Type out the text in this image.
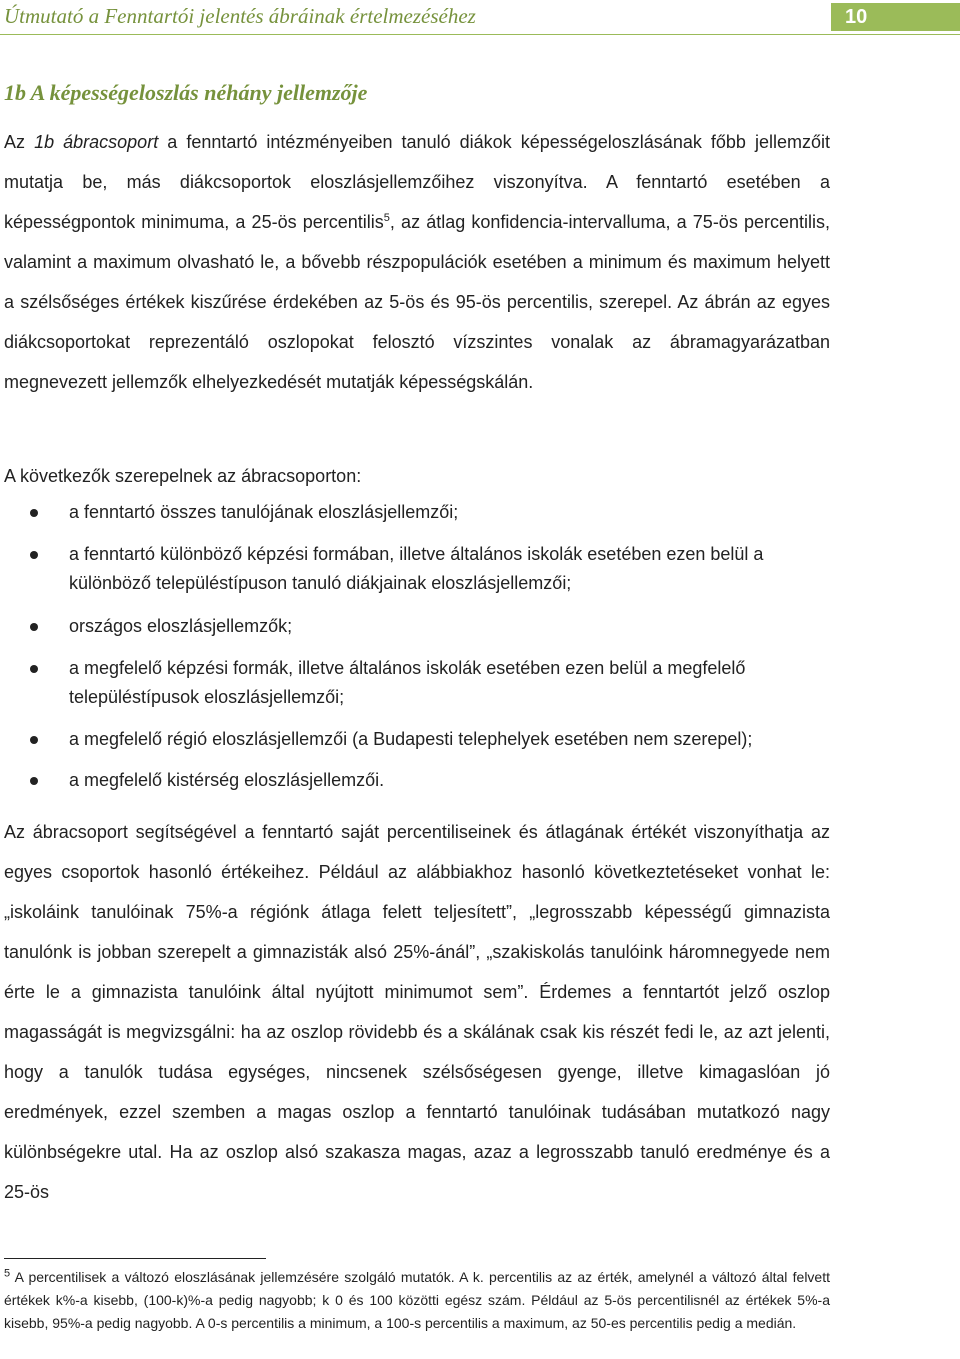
Útmutató a Fenntartói jelentés ábráinak értelmezéséhez	10
1b A képességeloszlás néhány jellemzője

Az 1b ábracsoport a fenntartó intézményeiben tanuló diákok képességeloszlásának főbb jellemzőit mutatja be, más diákcsoportok eloszlásjellemzőihez viszonyítva. A fenntartó esetében a képességpontok minimuma, a 25-ös percentilis$^5$, az átlag konfidencia-intervalluma, a 75-ös percentilis, valamint a maximum olvasható le, a bővebb részpopulációk esetében a minimum és maximum helyett a szélsőséges értékek kiszűrése érdekében az 5-ös és 95-ös percentilis, szerepel. Az ábrán az egyes diákcsoportokat reprezentáló oszlopokat felosztó vízszintes vonalak az ábramagyarázatban megnevezett jellemzők elhelyezkedését mutatják képességskálán.

A következők szerepelnek az ábracsoporton:

a fenntartó összes tanulójának eloszlásjellemzői;
a fenntartó különböző képzési formában, illetve általános iskolák esetében ezen belül a különböző településtípuson tanuló diákjainak eloszlásjellemzői;
országos eloszlásjellemzők;
a megfelelő képzési formák, illetve általános iskolák esetében ezen belül a megfelelő településtípusok eloszlásjellemzői;
a megfelelő régió eloszlásjellemzői (a Budapesti telephelyek esetében nem szerepel);
a megfelelő kistérség eloszlásjellemzői.

Az ábracsoport segítségével a fenntartó saját percentiliseinek és átlagának értékét viszonyíthatja az egyes csoportok hasonló értékeihez. Például az alábbiakhoz hasonló következtetéseket vonhat le: „iskoláink tanulóinak 75%-a régiónk átlaga felett teljesített”, „legrosszabb képességű gimnazista tanulónk is jobban szerepelt a gimnazisták alsó 25%-ánál”, „szakiskolás tanulóink háromnegyede nem érte le a gimnazista tanulóink által nyújtott minimumot sem”. Érdemes a fenntartót jelző oszlop magasságát is megvizsgálni: ha az oszlop rövidebb és a skálának csak kis részét fedi le, az azt jelenti, hogy a tanulók tudása egységes, nincsenek szélsőségesen gyenge, illetve kimagaslóan jó eredmények, ezzel szemben a magas oszlop a fenntartó tanulóinak tudásában mutatkozó nagy különbségekre utal. Ha az oszlop alsó szakasza magas, azaz a legrosszabb tanuló eredménye és a 25-ös

$^5$ A percentilisek a változó eloszlásának jellemzésére szolgáló mutatók. A k. percentilis az az érték, amelynél a változó által felvett értékek k%-a kisebb, (100-k)%-a pedig nagyobb; k 0 és 100 közötti egész szám. Például az 5-ös percentilisnél az értékek 5%-a kisebb, 95%-a pedig nagyobb. A 0-s percentilis a minimum, a 100-s percentilis a maximum, az 50-es percentilis pedig a medián.
